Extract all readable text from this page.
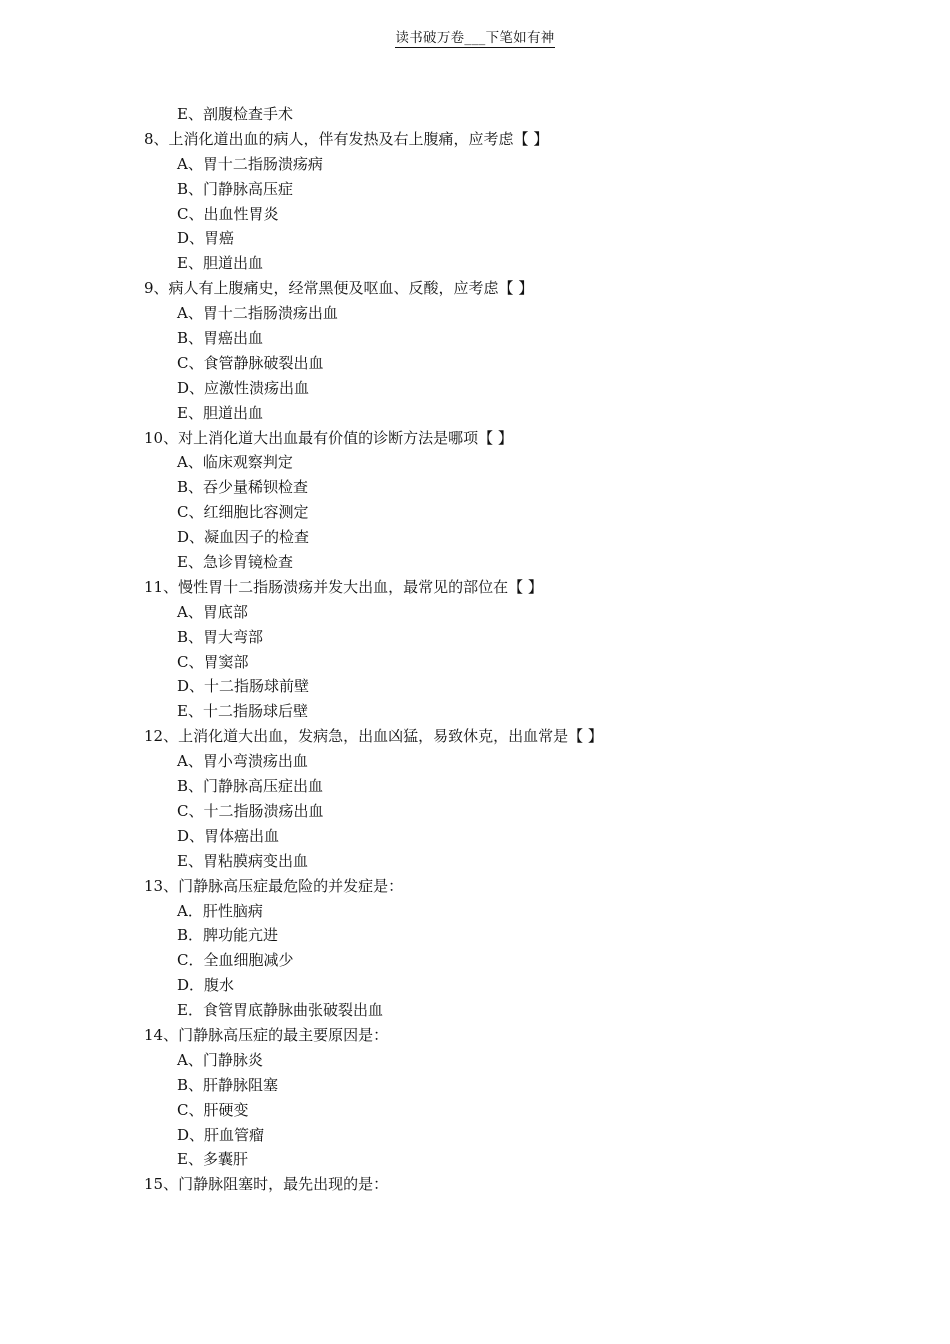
读书破万卷___下笔如有神
E、剖腹检查手术
8、上消化道出血的病人，伴有发热及右上腹痛，应考虑【 】
A、胃十二指肠溃疡病
B、门静脉高压症
C、出血性胃炎
D、胃癌
E、胆道出血
9、病人有上腹痛史，经常黑便及呕血、反酸，应考虑【 】
A、胃十二指肠溃疡出血
B、胃癌出血
C、食管静脉破裂出血
D、应激性溃疡出血
E、胆道出血
10、对上消化道大出血最有价值的诊断方法是哪项【 】
A、临床观察判定
B、吞少量稀钡检查
C、红细胞比容测定
D、凝血因子的检查
E、急诊胃镜检查
11、慢性胃十二指肠溃疡并发大出血，最常见的部位在【 】
A、胃底部
B、胃大弯部
C、胃窦部
D、十二指肠球前壁
E、十二指肠球后壁
12、上消化道大出血，发病急，出血凶猛，易致休克，出血常是【 】
A、胃小弯溃疡出血
B、门静脉高压症出血
C、十二指肠溃疡出血
D、胃体癌出血
E、胃粘膜病变出血
13、门静脉高压症最危险的并发症是：
A．肝性脑病
B．脾功能亢进
C．全血细胞减少
D．腹水
E．食管胃底静脉曲张破裂出血
14、门静脉高压症的最主要原因是：
A、门静脉炎
B、肝静脉阻塞
C、肝硬变
D、肝血管瘤
E、多囊肝
15、门静脉阻塞时，最先出现的是：
